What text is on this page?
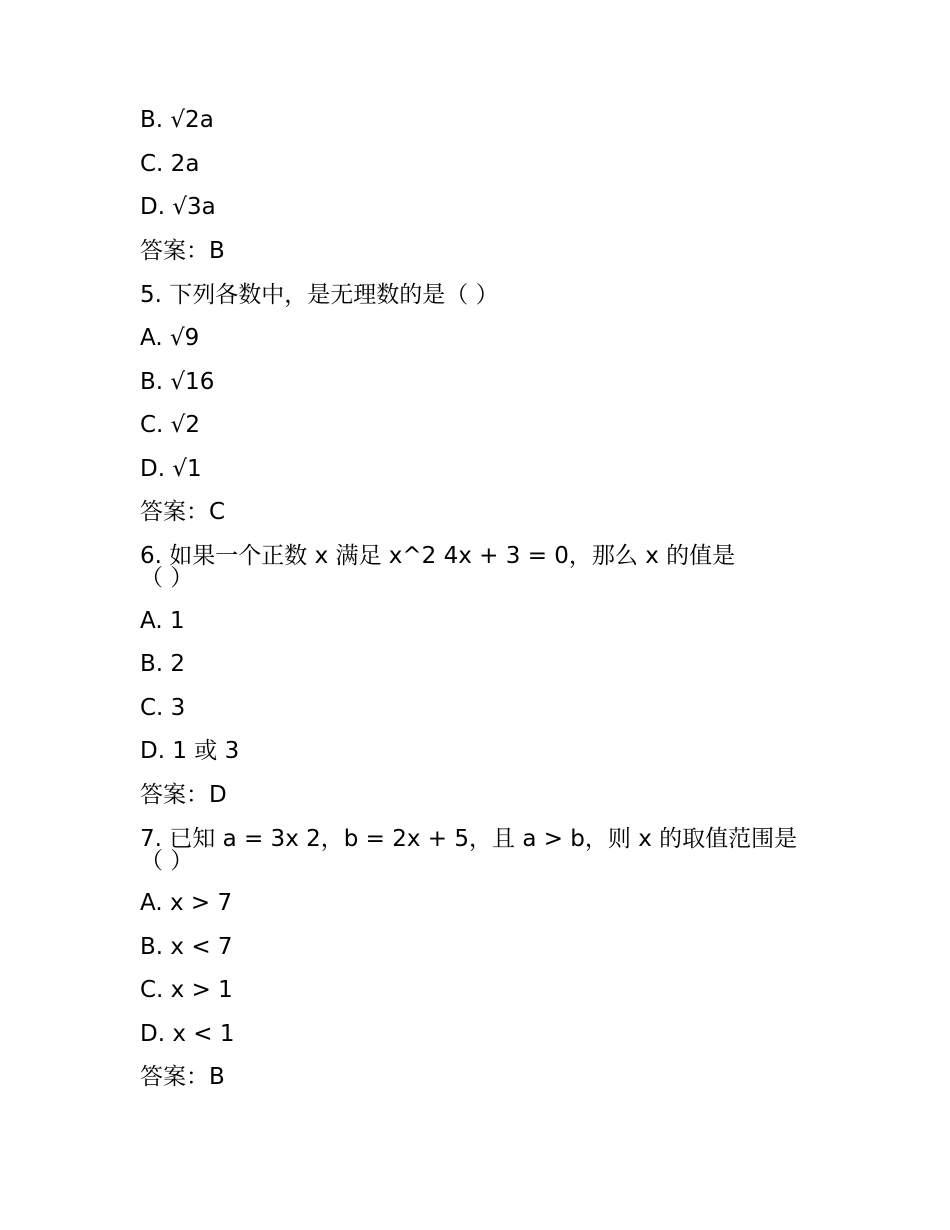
B. √2a
C. 2a
D. √3a
答案：B
5. 下列各数中，是无理数的是（ ）
A. √9
B. √16
C. √2
D. √1
答案：C
6. 如果一个正数 x 满足 x^2 4x + 3 = 0，那么 x 的值是（ ）
A. 1
B. 2
C. 3
D. 1 或 3
答案：D
7. 已知 a = 3x 2，b = 2x + 5，且 a > b，则 x 的取值范围是（ ）
A. x > 7
B. x < 7
C. x > 1
D. x < 1
答案：B
